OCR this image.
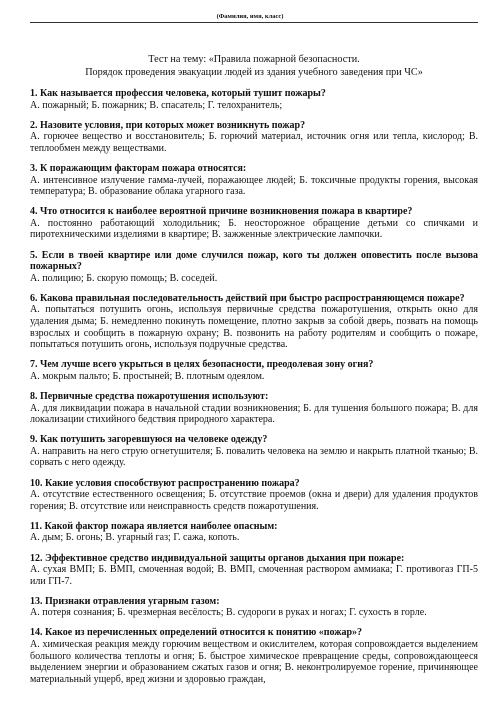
(Фамилия, имя, класс)
Тест на тему: «Правила пожарной безопасности.
Порядок проведения эвакуации людей из здания учебного заведения при ЧС»
1. Как называется профессия человека, который тушит пожары?
А. пожарный; Б. пожарник; В. спасатель; Г. телохранитель;
2. Назовите условия, при которых может возникнуть пожар?
А. горючее вещество и восстановитель; Б. горючий материал, источник огня или тепла, кислород; В. теплообмен между веществами.
3. К поражающим факторам пожара относятся:
А. интенсивное излучение гамма-лучей, поражающее людей; Б. токсичные продукты горения, высокая температура; В. образование облака угарного газа.
4. Что относится к наиболее вероятной причине возникновения пожара в квартире?
А. постоянно работающий холодильник; Б. неосторожное обращение детьми со спичками и пиротехническими изделиями в квартире; В. зажженные электрические лампочки.
5. Если в твоей квартире или доме случился пожар, кого ты должен оповестить после вызова пожарных?
А. полицию; Б. скорую помощь; В. соседей.
6. Какова правильная последовательность действий при быстро распространяющемся пожаре?
А. попытаться потушить огонь, используя первичные средства пожаротушения, открыть окно для удаления дыма; Б. немедленно покинуть помещение, плотно закрыв за собой дверь, позвать на помощь взрослых и сообщить в пожарную охрану; В. позвонить на работу родителям и сообщить о пожаре, попытаться потушить огонь, используя подручные средства.
7. Чем лучше всего укрыться в целях безопасности, преодолевая зону огня?
А. мокрым пальто; Б. простыней; В. плотным одеялом.
8. Первичные средства пожаротушения используют:
А. для ликвидации пожара в начальной стадии возникновения; Б. для тушения большого пожара; В. для локализации стихийного бедствия природного характера.
9. Как потушить загоревшуюся на человеке одежду?
А. направить на него струю огнетушителя; Б. повалить человека на землю и накрыть платной тканью; В. сорвать с него одежду.
10. Какие условия способствуют распространению пожара?
А. отсутствие естественного освещения; Б. отсутствие проемов (окна и двери) для удаления продуктов горения; В. отсутствие или неисправность средств пожаротушения.
11. Какой фактор пожара является наиболее опасным:
А. дым; Б. огонь; В. угарный газ; Г. сажа, копоть.
12. Эффективное средство индивидуальной защиты органов дыхания при пожаре:
А. сухая ВМП; Б. ВМП, смоченная водой; В. ВМП, смоченная раствором аммиака; Г. противогаз ГП-5 или ГП-7.
13. Признаки отравления угарным газом:
А. потеря сознания; Б. чрезмерная весёлость; В. судороги в руках и ногах; Г. сухость в горле.
14. Какое из перечисленных определений относится к понятию «пожар»?
А. химическая реакция между горючим веществом и окислителем, которая сопровождается выделением большого количества теплоты и огня; Б. быстрое химическое превращение среды, сопровождающееся выделением энергии и образованием сжатых газов и огня; В. неконтролируемое горение, причиняющее материальный ущерб, вред жизни и здоровью граждан,
